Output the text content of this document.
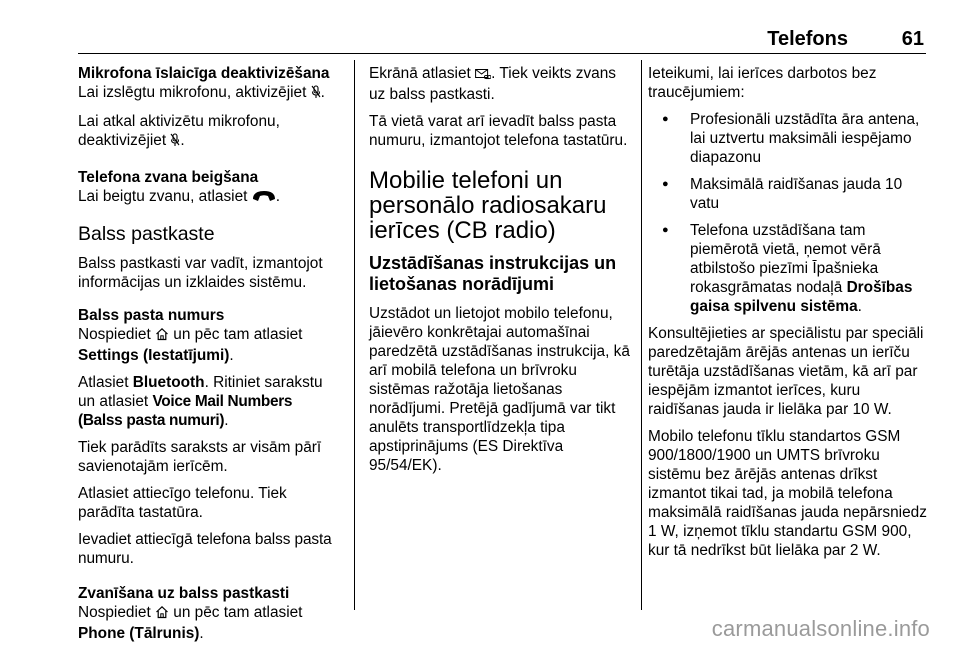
Telefons	61

Mikrofona īslaicīga deaktivizēšana

Lai izslēgtu mikrofonu, aktivizējiet .

Lai atkal aktivizētu mikrofonu, deaktivizējiet .

Telefona zvana beigšana

Lai beigtu zvanu, atlasiet .

Balss pastkaste

Balss pastkasti var vadīt, izmantojot informācijas un izklaides sistēmu.

Balss pasta numurs

Nospiediet  un pēc tam atlasiet Settings (Iestatījumi).

Atlasiet Bluetooth. Ritiniet sarakstu un atlasiet Voice Mail Numbers (Balss pasta numuri).

Tiek parādīts saraksts ar visām pārī savienotajām ierīcēm.

Atlasiet attiecīgo telefonu. Tiek parādīta tastatūra.

Ievadiet attiecīgā telefona balss pasta numuru.

Zvanīšana uz balss pastkasti

Nospiediet  un pēc tam atlasiet
Phone (Tālrunis).

Ekrānā atlasiet . Tiek veikts zvans uz balss pastkasti.

Tā vietā varat arī ievadīt balss pasta numuru, izmantojot telefona tastatūru.

Mobilie telefoni un personālo radiosakaru ierīces (CB radio)

Uzstādīšanas instrukcijas un lietošanas norādījumi

Uzstādot un lietojot mobilo telefonu, jāievēro konkrētajai automašīnai paredzētā uzstādīšanas instrukcija, kā arī mobilā telefona un brīvroku sistēmas ražotāja lietošanas norādījumi. Pretējā gadījumā var tikt anulēts transportlīdzekļa tipa apstiprinājums (ES Direktīva 95/54/EK).

Ieteikumi, lai ierīces darbotos bez traucējumiem:

● Profesionāli uzstādīta āra antena, lai uztvertu maksimāli iespējamo diapazonu
● Maksimālā raidīšanas jauda 10 vatu
● Telefona uzstādīšana tam piemērotā vietā, ņemot vērā atbilstošo piezīmi Īpašnieka rokasgrāmatas nodaļā Drošības gaisa spilvenu sistēma.

Konsultējieties ar speciālistu par speciāli paredzētajām ārējās antenas un ierīču turētāja uzstādīšanas vietām, kā arī par iespējām izmantot ierīces, kuru raidīšanas jauda ir lielāka par 10 W.

Mobilo telefonu tīklu standartos GSM 900/1800/1900 un UMTS brīvroku sistēmu bez ārējās antenas drīkst izmantot tikai tad, ja mobilā telefona maksimālā raidīšanas jauda nepārsniedz 1 W, izņemot tīklu standartu GSM 900, kur tā nedrīkst būt lielāka par 2 W.

carmanualsonline.info
